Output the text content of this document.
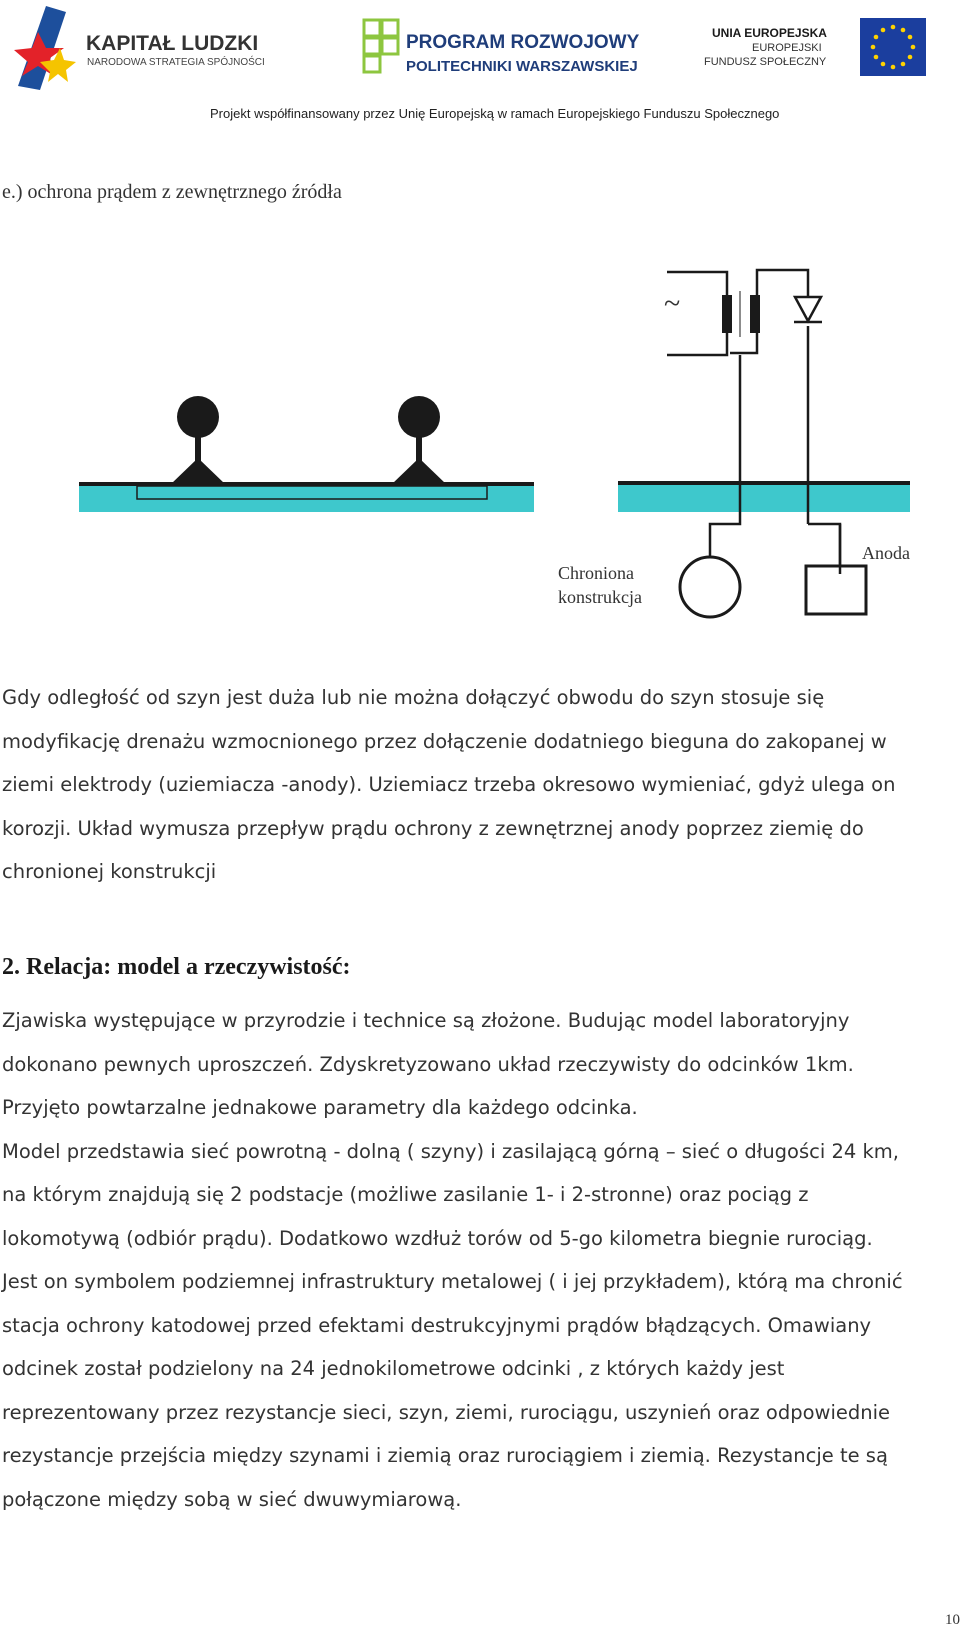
KAPITAŁ LUDZKI
NARODOWA STRATEGIA SPÓJNOŚCI
PROGRAM ROZWOJOWY
POLITECHNIKI WARSZAWSKIEJ
UNIA EUROPEJSKA
EUROPEJSKI
FUNDUSZ SPOŁECZNY
Projekt współfinansowany przez Unię Europejską w ramach Europejskiego Funduszu Społecznego
e.) ochrona prądem z zewnętrznego źródła
~
Chroniona
konstrukcja
Anoda
Gdy odległość od szyn jest duża lub nie można dołączyć obwodu do szyn stosuje się
modyfikację drenażu wzmocnionego przez dołączenie dodatniego bieguna do zakopanej w
ziemi elektrody (uziemiacza -anody). Uziemiacz trzeba okresowo wymieniać, gdyż ulega on
korozji. Układ wymusza przepływ prądu ochrony z zewnętrznej anody poprzez ziemię do
chronionej konstrukcji
2. Relacja: model a rzeczywistość:
Zjawiska występujące w przyrodzie i technice są złożone. Budując model laboratoryjny
dokonano pewnych uproszczeń. Zdyskretyzowano układ rzeczywisty do odcinków 1km.
Przyjęto powtarzalne jednakowe parametry dla każdego odcinka.
Model przedstawia sieć powrotną - dolną ( szyny) i zasilającą górną – sieć o długości 24 km,
na którym znajdują się 2 podstacje (możliwe zasilanie 1- i 2-stronne) oraz pociąg z
lokomotywą (odbiór prądu). Dodatkowo wzdłuż torów od 5-go kilometra biegnie rurociąg.
Jest on symbolem podziemnej infrastruktury metalowej ( i jej przykładem), którą ma chronić
stacja ochrony katodowej przed efektami destrukcyjnymi prądów błądzących. Omawiany
odcinek został podzielony na 24 jednokilometrowe odcinki , z których każdy jest
reprezentowany przez rezystancje sieci, szyn, ziemi, rurociągu, uszynień oraz odpowiednie
rezystancje przejścia między szynami i ziemią oraz rurociągiem i ziemią. Rezystancje te są
połączone między sobą w sieć dwuwymiarową.
10
